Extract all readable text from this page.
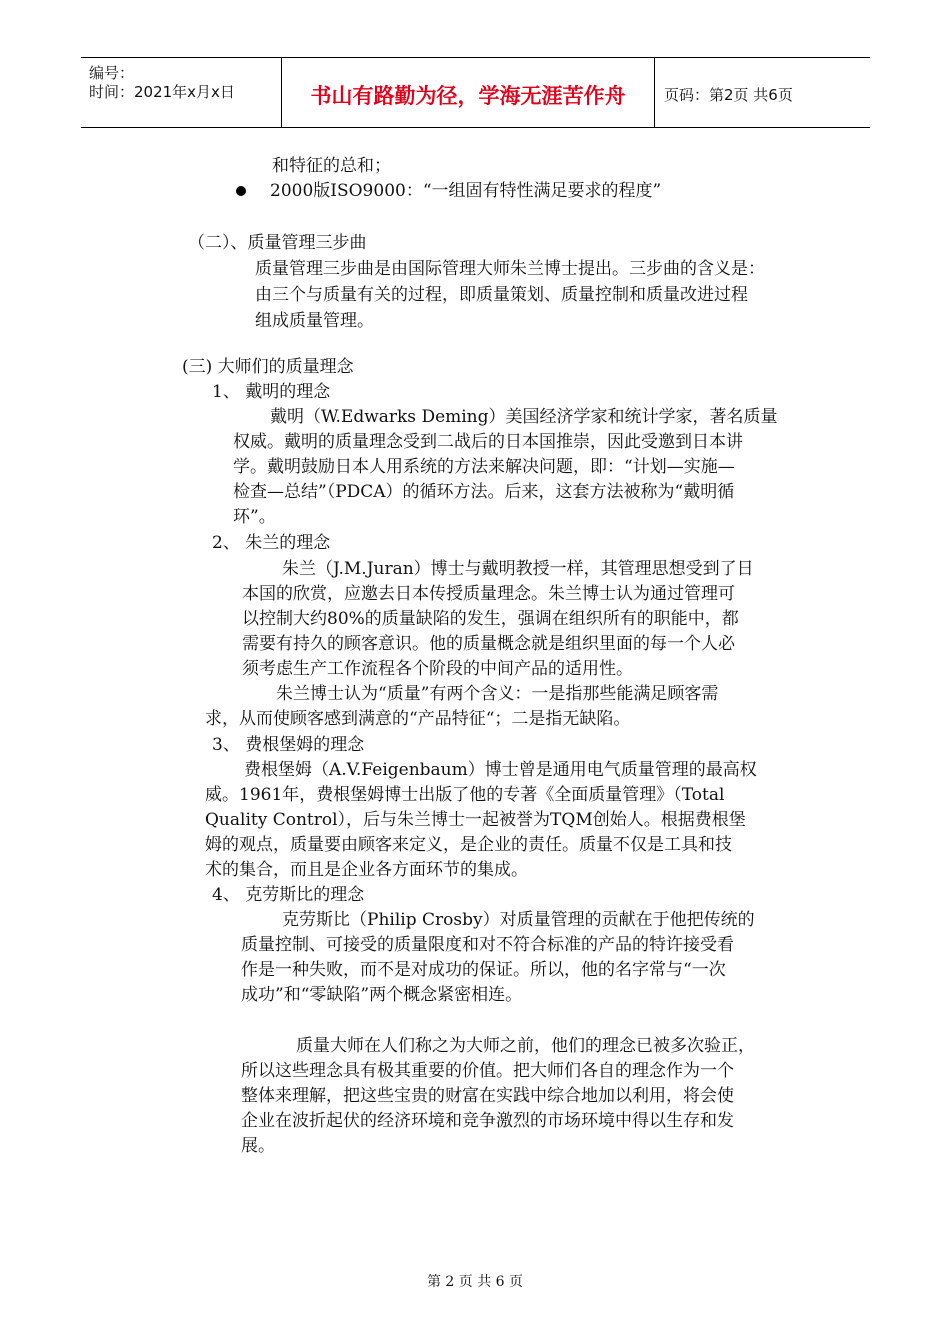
编号：
时间：2021年x月x日	书山有路勤为径，学海无涯苦作舟	页码：第2页 共6页
和特征的总和；
2000版ISO9000：“一组固有特性满足要求的程度”
（二）、质量管理三步曲
质量管理三步曲是由国际管理大师朱兰博士提出。三步曲的含义是：
由三个与质量有关的过程，即质量策划、质量控制和质量改进过程
组成质量管理。
(三) 大师们的质量理念
1、 戴明的理念
戴明（W.Edwarks Deming）美国经济学家和统计学家，著名质量
权威。戴明的质量理念受到二战后的日本国推崇，因此受邀到日本讲
学。戴明鼓励日本人用系统的方法来解决问题，即：“计划—实施—
检查—总结”（PDCA）的循环方法。后来，这套方法被称为“戴明循
环”。
2、 朱兰的理念
朱兰（J.M.Juran）博士与戴明教授一样，其管理思想受到了日
本国的欣赏，应邀去日本传授质量理念。朱兰博士认为通过管理可
以控制大约80%的质量缺陷的发生，强调在组织所有的职能中，都
需要有持久的顾客意识。他的质量概念就是组织里面的每一个人必
须考虑生产工作流程各个阶段的中间产品的适用性。
朱兰博士认为“质量”有两个含义：一是指那些能满足顾客需
求，从而使顾客感到满意的“产品特征“；二是指无缺陷。
3、 费根堡姆的理念
费根堡姆（A.V.Feigenbaum）博士曾是通用电气质量管理的最高权
威。1961年，费根堡姆博士出版了他的专著《全面质量管理》（Total
Quality Control），后与朱兰博士一起被誉为TQM创始人。根据费根堡
姆的观点，质量要由顾客来定义，是企业的责任。质量不仅是工具和技
术的集合，而且是企业各方面环节的集成。
4、 克劳斯比的理念
克劳斯比（Philip Crosby）对质量管理的贡献在于他把传统的
质量控制、可接受的质量限度和对不符合标准的产品的特许接受看
作是一种失败，而不是对成功的保证。所以，他的名字常与“一次
成功”和“零缺陷”两个概念紧密相连。
质量大师在人们称之为大师之前，他们的理念已被多次验正，
所以这些理念具有极其重要的价值。把大师们各自的理念作为一个
整体来理解，把这些宝贵的财富在实践中综合地加以利用，将会使
企业在波折起伏的经济环境和竞争激烈的市场环境中得以生存和发
展。
第 2 页 共 6 页
